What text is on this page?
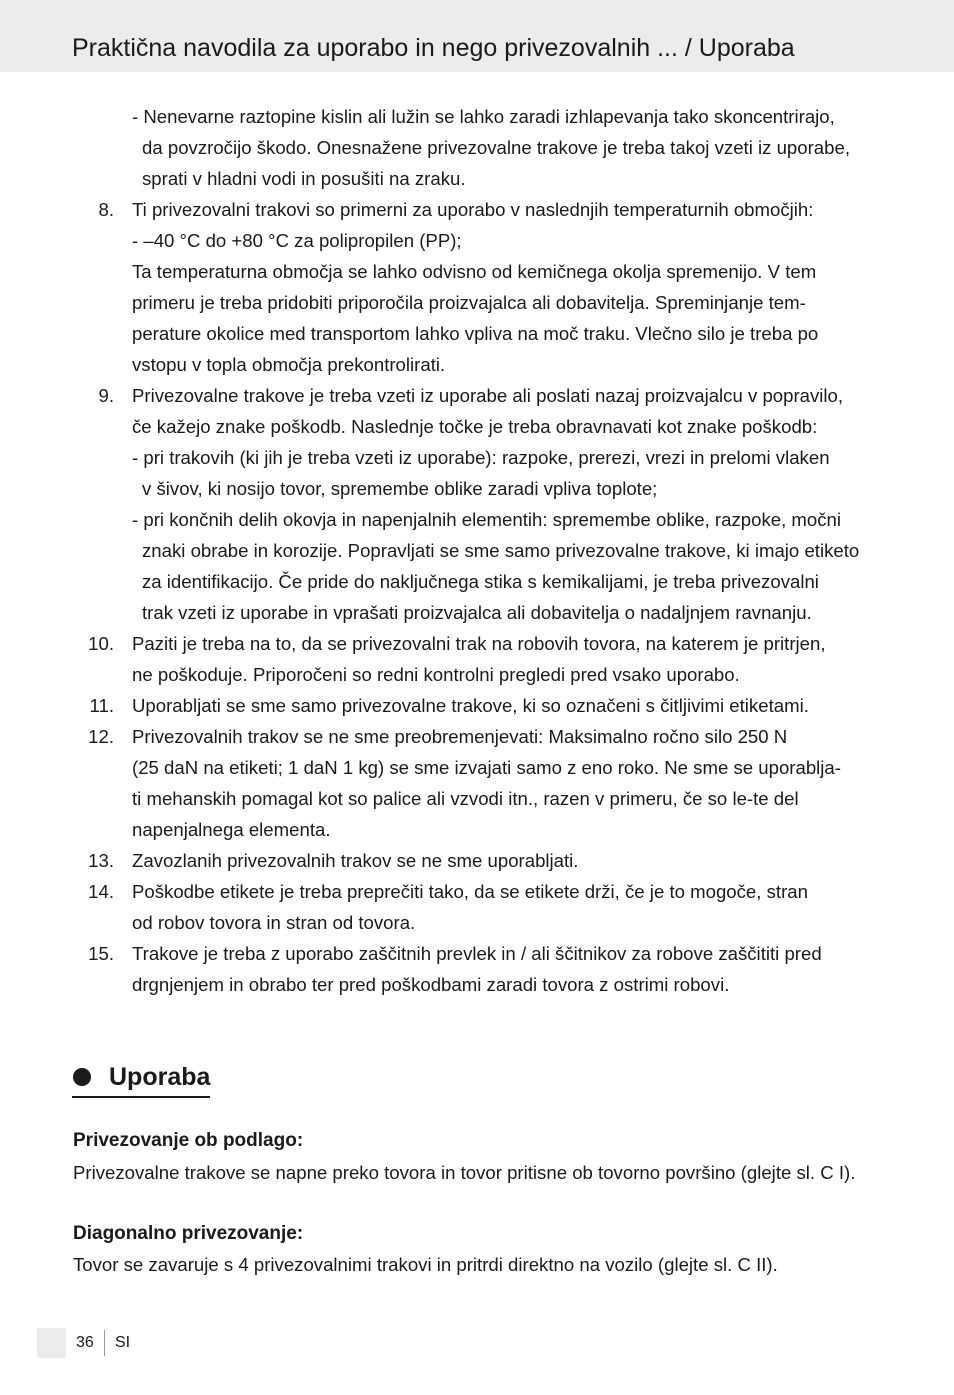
Praktična navodila za uporabo in nego privezovalnih ... / Uporaba
- Nenevarne raztopine kislin ali lužin se lahko zaradi izhlapevanja tako skoncentrirajo,
da povzročijo škodo. Onesnažene privezovalne trakove je treba takoj vzeti iz uporabe,
sprati v hladni vodi in posušiti na zraku.
8. Ti privezovalni trakovi so primerni za uporabo v naslednjih temperaturnih območjih:
- –40 °C do +80 °C za polipropilen (PP);
Ta temperaturna območja se lahko odvisno od kemičnega okolja spremenijo. V tem
primeru je treba pridobiti priporočila proizvajalca ali dobavitelja. Spreminjanje tem-
perature okolice med transportom lahko vpliva na moč traku. Vlečno silo je treba po
vstopu v topla območja prekontrolirati.
9. Privezovalne trakove je treba vzeti iz uporabe ali poslati nazaj proizvajalcu v popravilo,
če kažejo znake poškodb. Naslednje točke je treba obravnavati kot znake poškodb:
- pri trakovih (ki jih je treba vzeti iz uporabe): razpoke, prerezi, vrezi in prelomi vlaken
v šivov, ki nosijo tovor, spremembe oblike zaradi vpliva toplote;
- pri končnih delih okovja in napenjalnih elementih: spremembe oblike, razpoke, močni
znaki obrabe in korozije. Popravljati se sme samo privezovalne trakove, ki imajo etiketo
za identifikacijo. Če pride do naključnega stika s kemikalijami, je treba privezovalni
trak vzeti iz uporabe in vprašati proizvajalca ali dobavitelja o nadaljnjem ravnanju.
10. Paziti je treba na to, da se privezovalni trak na robovih tovora, na katerem je pritrjen,
ne poškoduje. Priporočeni so redni kontrolni pregledi pred vsako uporabo.
11. Uporabljati se sme samo privezovalne trakove, ki so označeni s čitljivimi etiketami.
12. Privezovalnih trakov se ne sme preobremenjevati: Maksimalno ročno silo 250 N
(25 daN na etiketi; 1 daN 1 kg) se sme izvajati samo z eno roko. Ne sme se uporablja-
ti mehanskih pomagal kot so palice ali vzvodi itn., razen v primeru, če so le-te del
napenjalnega elementa.
13. Zavozlanih privezovalnih trakov se ne sme uporabljati.
14. Poškodbe etikete je treba preprečiti tako, da se etikete drži, če je to mogoče, stran
od robov tovora in stran od tovora.
15. Trakove je treba z uporabo zaščitnih prevlek in / ali ščitnikov za robove zaščititi pred
drgnjenjem in obrabo ter pred poškodbami zaradi tovora z ostrimi robovi.
Uporaba
Privezovanje ob podlago:
Privezovalne trakove se napne preko tovora in tovor pritisne ob tovorno površino (glejte sl. C I).
Diagonalno privezovanje:
Tovor se zavaruje s 4 privezovalnimi trakovi in pritrdi direktno na vozilo (glejte sl. C II).
36 SI
